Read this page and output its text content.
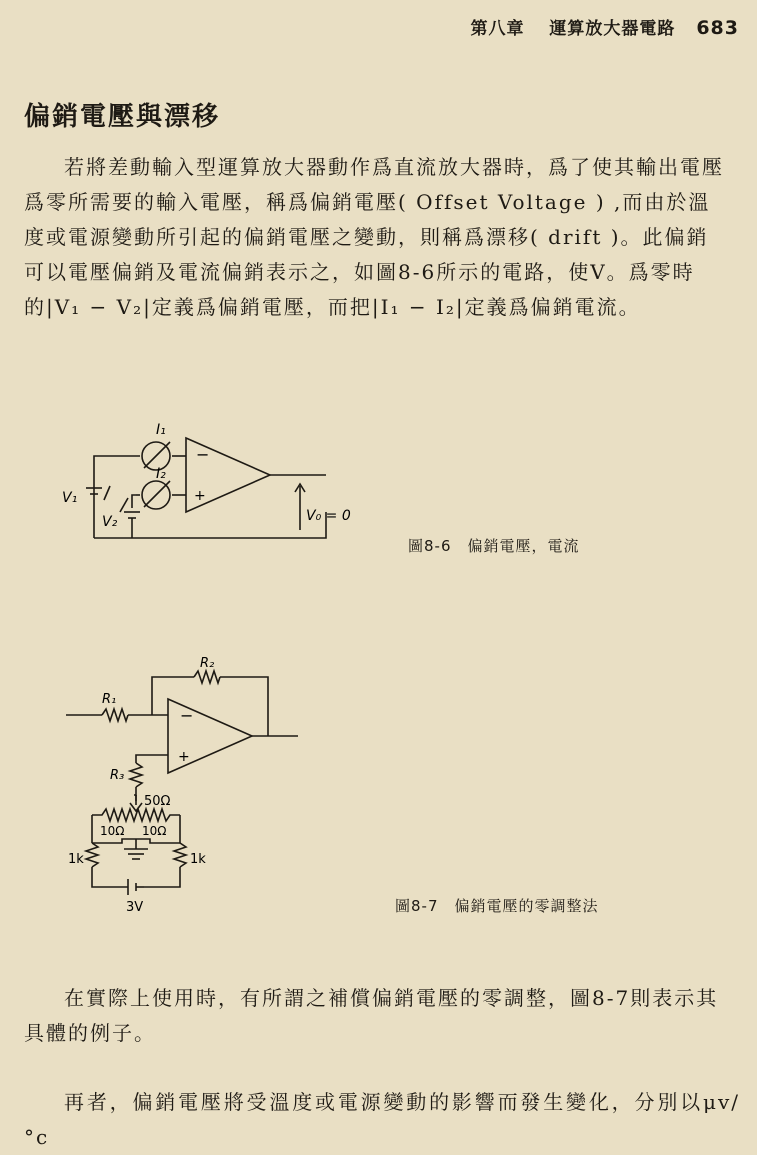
第八章 運算放大器電路 683
偏銷電壓與漂移

若將差動輸入型運算放大器動作爲直流放大器時，爲了使其輸出電壓

爲零所需要的輸入電壓，稱爲偏銷電壓( Offset Voltage ) ,而由於溫

度或電源變動所引起的偏銷電壓之變動，則稱爲漂移( drift )。此偏銷

可以電壓偏銷及電流偏銷表示之，如圖8-6所示的電路，使V。爲零時

的|V₁ − V₂|定義爲偏銷電壓，而把|I₁ − I₂|定義爲偏銷電流。

−
+
I₁
I₂
V₁
V₂	V₀ = 0
圖8-6　偏銷電壓，電流
−
+
R₁
R₂
R₃
50Ω
10Ω 10Ω
1k	1k
3V	圖8-7　偏銷電壓的零調整法

在實際上使用時，有所謂之補償偏銷電壓的零調整，圖8-7則表示其

具體的例子。

再者，偏銷電壓將受溫度或電源變動的影響而發生變化，分別以μv/°c
